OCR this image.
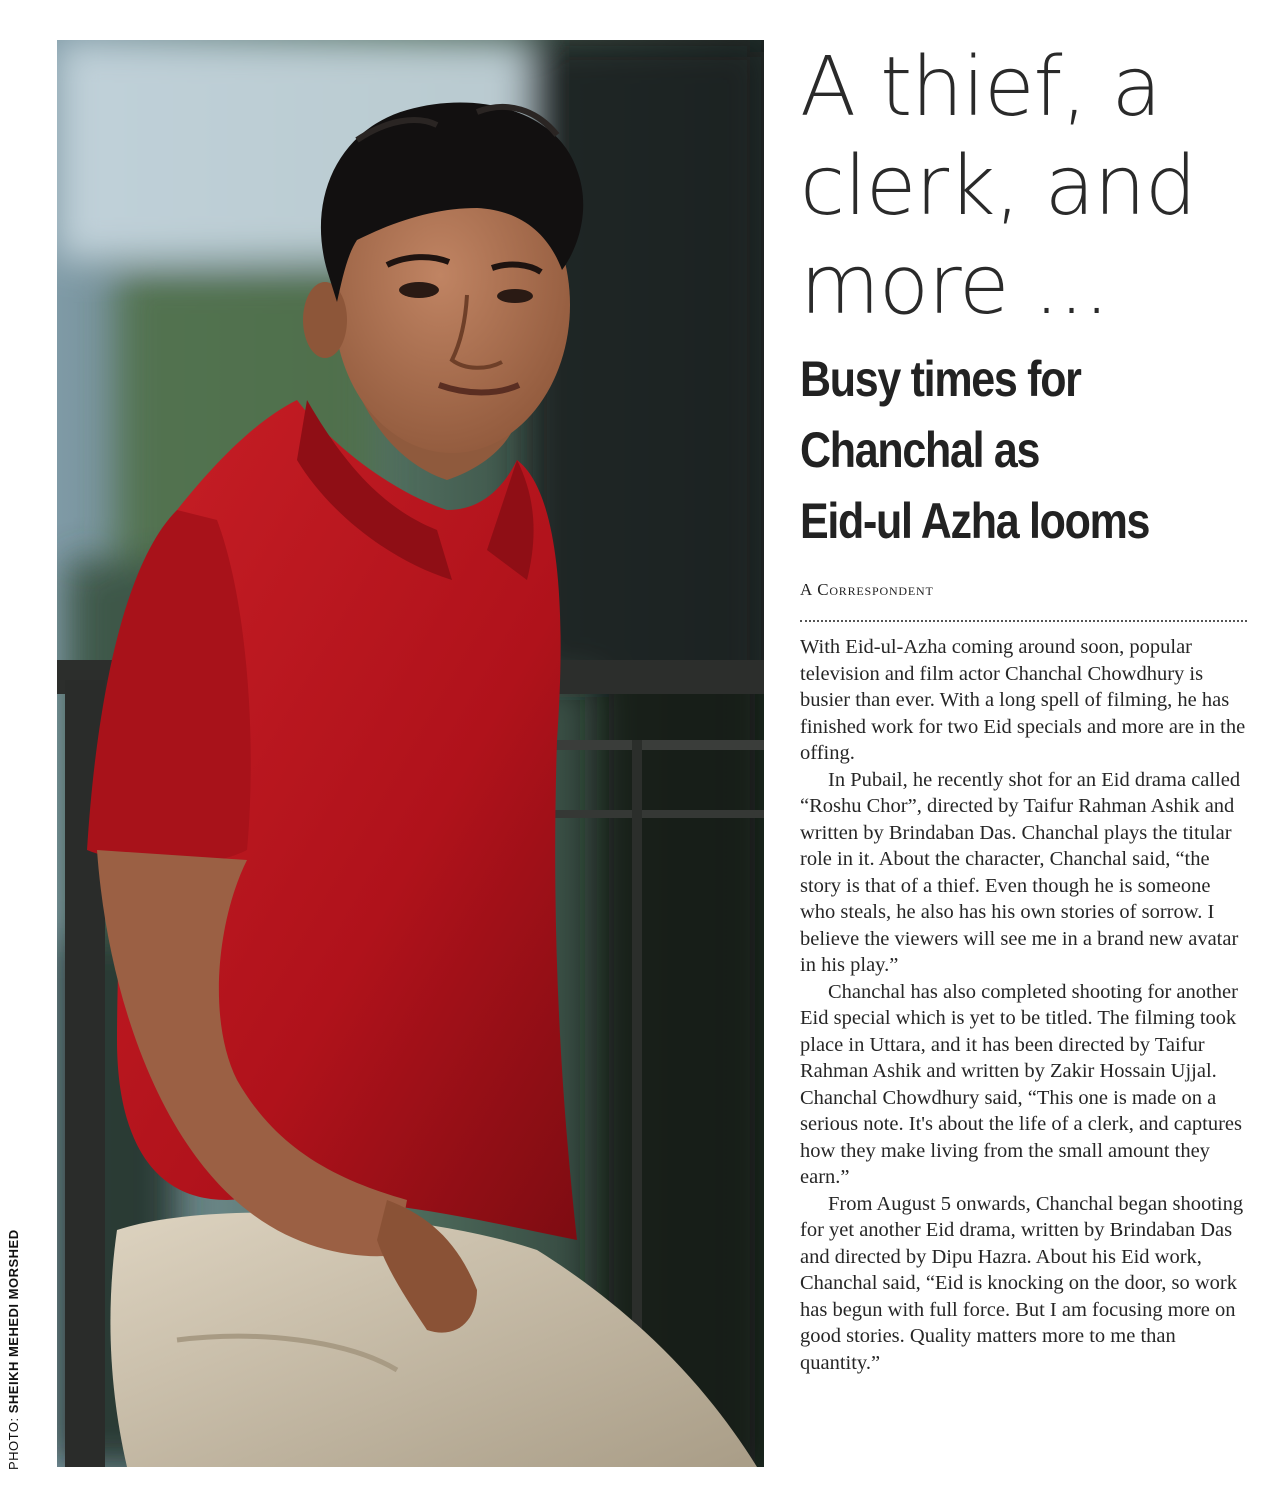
PHOTO: SHEIKH MEHEDI MORSHED
A thief, a
clerk, and
more ...
Busy times for
Chanchal as
Eid-ul Azha looms
A Correspondent

With Eid-ul-Azha coming around soon, popular television and film actor Chanchal Chowdhury is busier than ever. With a long spell of filming, he has finished work for two Eid specials and more are in the offing.

In Pubail, he recently shot for an Eid drama called “Roshu Chor”, directed by Taifur Rahman Ashik and written by Brindaban Das. Chanchal plays the titular role in it. About the character, Chanchal said, “the story is that of a thief. Even though he is someone who steals, he also has his own stories of sorrow. I believe the viewers will see me in a brand new avatar in his play.”

Chanchal has also completed shooting for another Eid special which is yet to be titled. The filming took place in Uttara, and it has been directed by Taifur Rahman Ashik and written by Zakir Hossain Ujjal. Chanchal Chowdhury said, “This one is made on a serious note. It's about the life of a clerk, and captures how they make living from the small amount they earn.”

From August 5 onwards, Chanchal began shooting for yet another Eid drama, written by Brindaban Das and directed by Dipu Hazra. About his Eid work, Chanchal said, “Eid is knocking on the door, so work has begun with full force. But I am focusing more on good stories. Quality matters more to me than quantity.”
